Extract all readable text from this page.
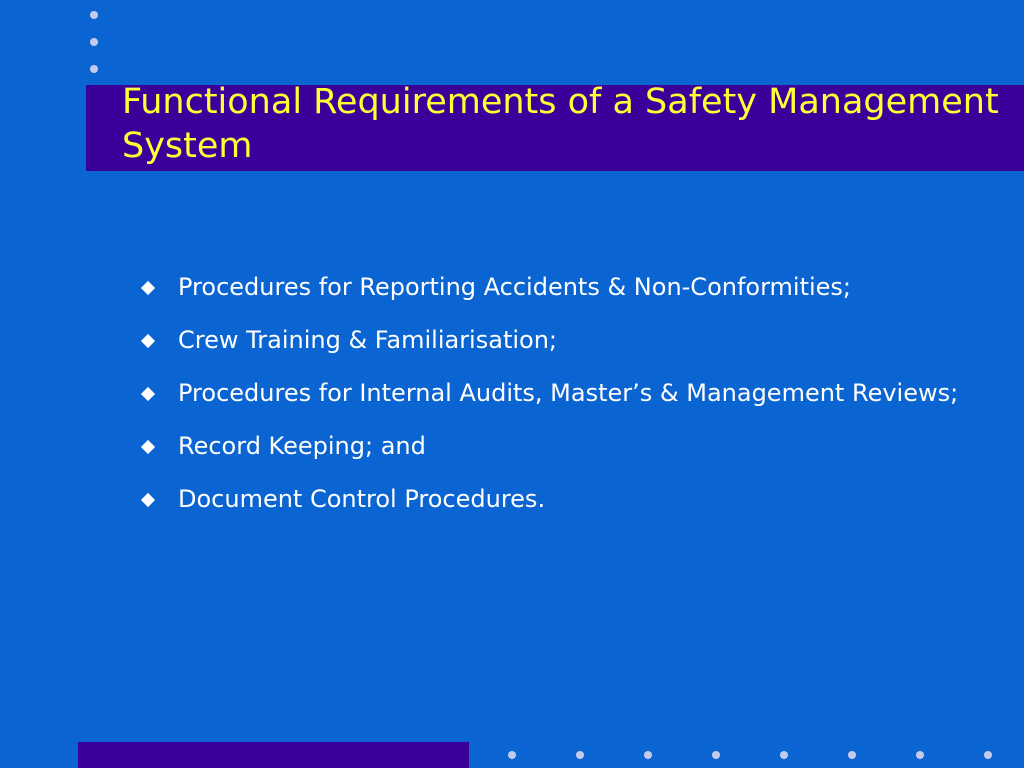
Functional Requirements of a Safety Management System
Procedures for Reporting Accidents & Non-Conformities;
Crew Training & Familiarisation;
Procedures for Internal Audits, Master’s & Management Reviews;
Record Keeping; and
Document Control Procedures.
